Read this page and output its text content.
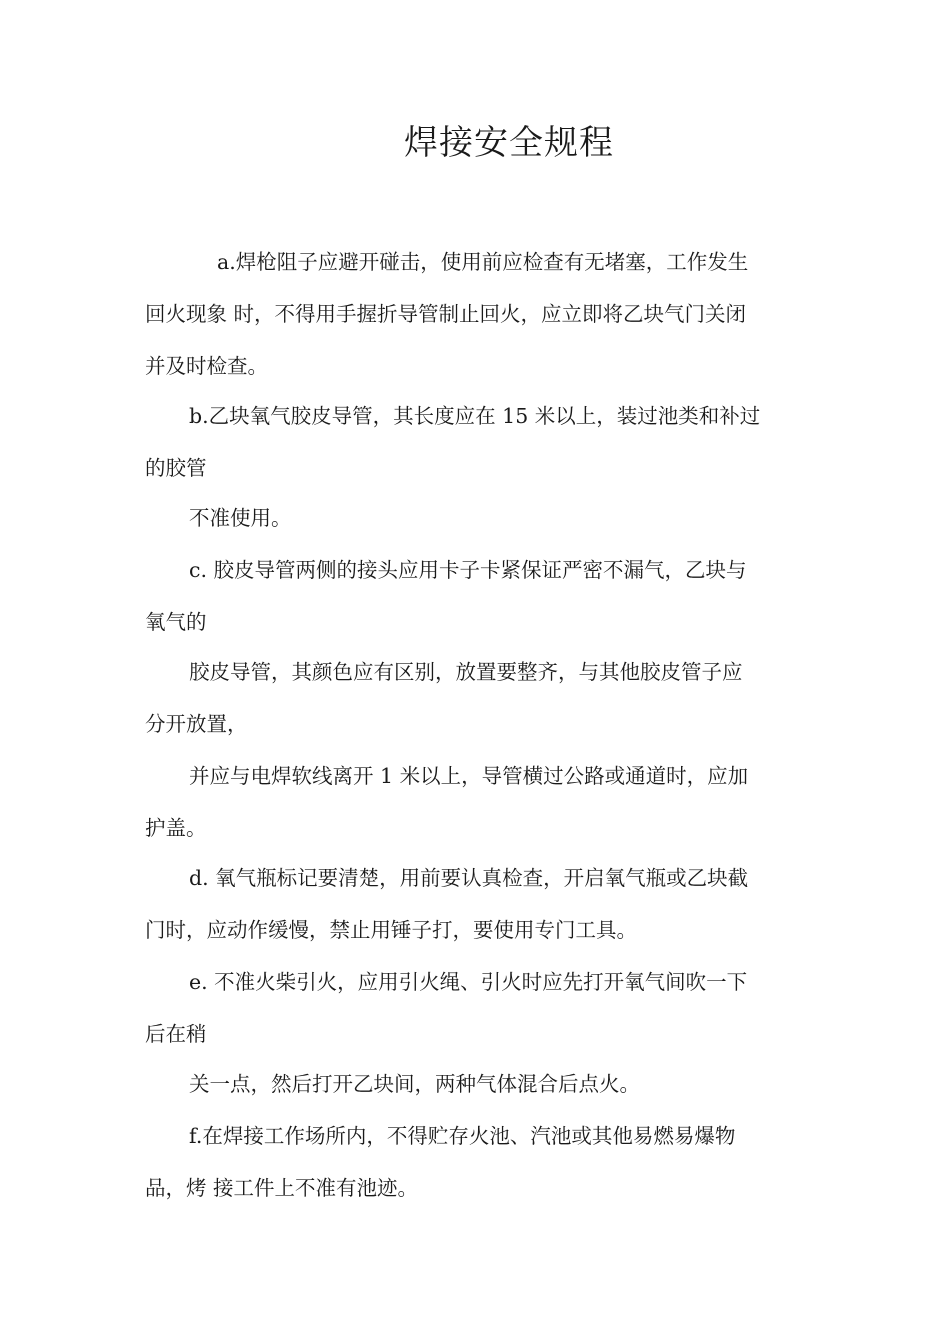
焊接安全规程
a.焊枪阻子应避开碰击，使用前应检查有无堵塞，工作发生
回火现象 时，不得用手握折导管制止回火，应立即将乙块气门关闭
并及时检查。
b.乙块氧气胶皮导管，其长度应在 15 米以上，装过池类和补过
的胶管
不准使用。
c. 胶皮导管两侧的接头应用卡子卡紧保证严密不漏气，乙块与
氧气的
胶皮导管，其颜色应有区别，放置要整齐，与其他胶皮管子应
分开放置，
并应与电焊软线离开 1 米以上，导管横过公路或通道时，应加
护盖。
d. 氧气瓶标记要清楚，用前要认真检查，开启氧气瓶或乙块截
门时，应动作缓慢，禁止用锤子打，要使用专门工具。
e. 不准火柴引火，应用引火绳、引火时应先打开氧气间吹一下
后在稍
关一点，然后打开乙块间，两种气体混合后点火。
f.在焊接工作场所内，不得贮存火池、汽池或其他易燃易爆物
品，烤 接工件上不准有池迹。
